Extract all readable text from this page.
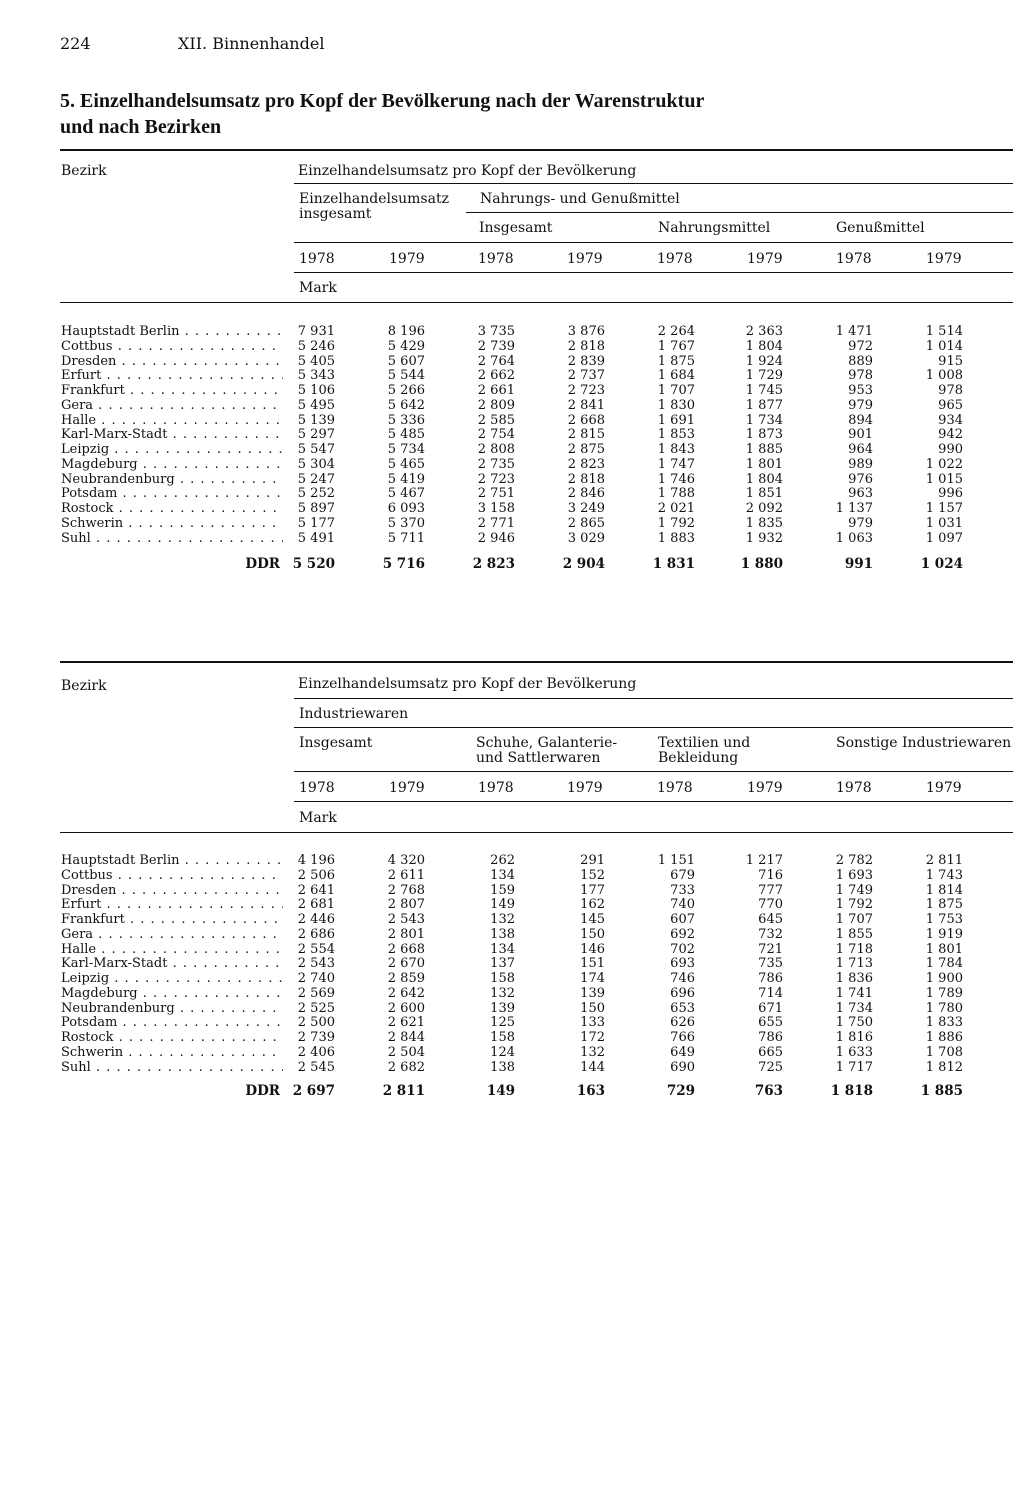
224	XII. Binnenhandel
5. Einzelhandelsumsatz pro Kopf der Bevölkerung nach der Warenstruktur
und nach Bezirken
Bezirk	Einzelhandelsumsatz pro Kopf der Bevölkerung
Einzelhandelsumsatz
insgesamt
Nahrungs- und Genußmittel
Insgesamt	Nahrungsmittel	Genußmittel
1978	1979	1978	1979	1978	1979	1978	1979
Mark
Hauptstadt Berlin . . .	7 931	8 196	3 735	3 876	2 264	2 363	1 471	1 514
Cottbus . . .	5 246	5 429	2 739	2 818	1 767	1 804	972	1 014
Dresden . . .	5 405	5 607	2 764	2 839	1 875	1 924	889	915
Erfurt . . .	5 343	5 544	2 662	2 737	1 684	1 729	978	1 008
Frankfurt . . .	5 106	5 266	2 661	2 723	1 707	1 745	953	978
Gera . . .	5 495	5 642	2 809	2 841	1 830	1 877	979	965
Halle . . .	5 139	5 336	2 585	2 668	1 691	1 734	894	934
Karl-Marx-Stadt . . .	5 297	5 485	2 754	2 815	1 853	1 873	901	942
Leipzig . . .	5 547	5 734	2 808	2 875	1 843	1 885	964	990
Magdeburg . . .	5 304	5 465	2 735	2 823	1 747	1 801	989	1 022
Neubrandenburg . . .	5 247	5 419	2 723	2 818	1 746	1 804	976	1 015
Potsdam . . .	5 252	5 467	2 751	2 846	1 788	1 851	963	996
Rostock . . .	5 897	6 093	3 158	3 249	2 021	2 092	1 137	1 157
Schwerin . . .	5 177	5 370	2 771	2 865	1 792	1 835	979	1 031
Suhl . . .	5 491	5 711	2 946	3 029	1 883	1 932	1 063	1 097
DDR 5 520	5 716	2 823	2 904	1 831	1 880	991	1 024
Bezirk	Einzelhandelsumsatz pro Kopf der Bevölkerung
Industriewaren
Insgesamt	Schuhe, Galanterie-
und Sattlerwaren
Textilien und
Bekleidung
Sonstige Industriewaren
1978	1979	1978	1979	1978	1979	1978	1979
Mark
Hauptstadt Berlin . . .	4 196	4 320	262	291	1 151	1 217	2 782	2 811
Cottbus . . .	2 506	2 611	134	152	679	716	1 693	1 743
Dresden . . .	2 641	2 768	159	177	733	777	1 749	1 814
Erfurt . . .	2 681	2 807	149	162	740	770	1 792	1 875
Frankfurt . . .	2 446	2 543	132	145	607	645	1 707	1 753
Gera . . .	2 686	2 801	138	150	692	732	1 855	1 919
Halle . . .	2 554	2 668	134	146	702	721	1 718	1 801
Karl-Marx-Stadt . . .	2 543	2 670	137	151	693	735	1 713	1 784
Leipzig . . .	2 740	2 859	158	174	746	786	1 836	1 900
Magdeburg . . .	2 569	2 642	132	139	696	714	1 741	1 789
Neubrandenburg . . .	2 525	2 600	139	150	653	671	1 734	1 780
Potsdam . . .	2 500	2 621	125	133	626	655	1 750	1 833
Rostock . . .	2 739	2 844	158	172	766	786	1 816	1 886
Schwerin . . .	2 406	2 504	124	132	649	665	1 633	1 708
Suhl . . .	2 545	2 682	138	144	690	725	1 717	1 812
DDR 2 697	2 811	149	163	729	763	1 818	1 885
